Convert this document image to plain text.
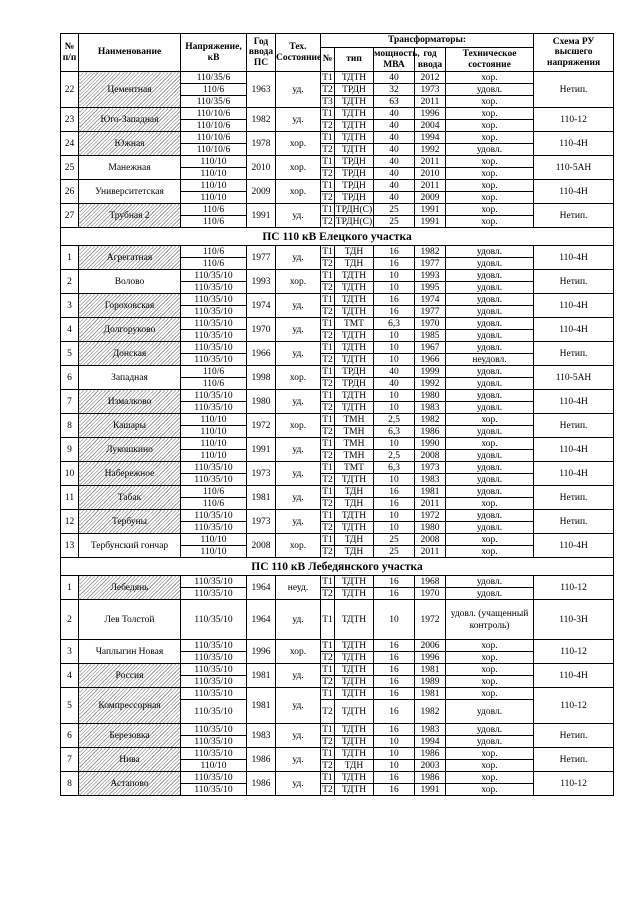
№ п/п	Наименование	Напряжение, кВ	Год ввода ПС	Тех. Состояние	Трансформаторы:					Схема РУ высшего напряжения
					№	тип	мощность, МВА	год ввода	Техническое состояние	
22	Цементная	110/35/6	1963	уд.	Т1	ТДТН	40	2012	хор.	Нетип.
		110/6			Т2	ТРДН	32	1973	удовл.	
		110/35/6			Т3	ТДТН	63	2011	хор.	
23	Юго-Западная	110/10/6	1982	уд.	Т1	ТДТН	40	1996	хор.	110-12
		110/10/6			Т2	ТДТН	40	2004	хор.	
24	Южная	110/10/6	1978	хор.	Т1	ТДТН	40	1994	хор.	110-4Н
		110/10/6			Т2	ТДТН	40	1992	удовл.	
25	Манежная	110/10	2010	хор.	Т1	ТРДН	40	2011	хор.	110-5АН
		110/10			Т2	ТРДН	40	2010	хор.	
26	Университетская	110/10	2009	хор.	Т1	ТРДН	40	2011	хор.	110-4Н
		110/10			Т2	ТРДН	40	2009	хор.	
27	Трубная 2	110/6	1991	уд.	Т1	ТРДН(С)	25	1991	хор.	Нетип.
		110/6			Т2	ТРДН(С)	25	1991	хор.	
ПС 110 кВ Елецкого участка										
1	Агрегатная	110/6	1977	уд.	Т1	ТДН	16	1982	удовл.	110-4Н
		110/6			Т2	ТДН	16	1977	удовл.	
2	Волово	110/35/10	1993	хор.	Т1	ТДТН	10	1993	удовл.	Нетип.
		110/35/10			Т2	ТДТН	10	1995	удовл.	
3	Гороховская	110/35/10	1974	уд.	Т1	ТДТН	16	1974	удовл.	110-4Н
		110/35/10			Т2	ТДТН	16	1977	удовл.	
4	Долгоруково	110/35/10	1970	уд.	Т1	ТМТ	6,3	1970	удовл.	110-4Н
		110/35/10			Т2	ТДТН	10	1985	удовл.	
5	Донская	110/35/10	1966	уд.	Т1	ТДТН	10	1967	удовл.	Нетип.
		110/35/10			Т2	ТДТН	10	1966	неудовл.	
6	Западная	110/6	1998	хор.	Т1	ТРДН	40	1999	удовл.	110-5АН
		110/6			Т2	ТРДН	40	1992	удовл.	
7	Измалково	110/35/10	1980	уд.	Т1	ТДТН	10	1980	удовл.	110-4Н
		110/35/10			Т2	ТДТН	10	1983	удовл.	
8	Кашары	110/10	1972	хор.	Т1	ТМН	2,5	1982	хор.	Нетип.
		110/10			Т2	ТМН	6,3	1986	удовл.	
9	Лукошкино	110/10	1991	уд.	Т1	ТМН	10	1990	хор.	110-4Н
		110/10			Т2	ТМН	2,5	2008	удовл.	
10	Набережное	110/35/10	1973	уд.	Т1	ТМТ	6,3	1973	удовл.	110-4Н
		110/35/10			Т2	ТДТН	10	1983	удовл.	
11	Табак	110/6	1981	уд.	Т1	ТДН	16	1981	удовл.	Нетип.
		110/6			Т2	ТДН	16	2011	хор.	
12	Тербуны	110/35/10	1973	уд.	Т1	ТДТН	10	1972	удовл.	Нетип.
		110/35/10			Т2	ТДТН	10	1980	удовл.	
13	Тербунский гончар	110/10	2008	хор.	Т1	ТДН	25	2008	хор.	110-4Н
		110/10			Т2	ТДН	25	2011	хор.	
ПС 110 кВ Лебедянского участка										
1	Лебедянь	110/35/10	1964	неуд.	Т1	ТДТН	16	1968	удовл.	110-12
		110/35/10			Т2	ТДТН	16	1970	удовл.	
2	Лев Толстой	110/35/10	1964	уд.	Т1	ТДТН	10	1972	удовл. (учащенный контроль)	110-3Н
3	Чаплыгин Новая	110/35/10	1996	хор.	Т1	ТДТН	16	2006	хор.	110-12
		110/35/10			Т2	ТДТН	16	1996	хор.	
4	Россия	110/35/10	1981	уд.	Т1	ТДТН	16	1981	хор.	110-4Н
		110/35/10			Т2	ТДТН	16	1989	хор.	
5	Компрессорная	110/35/10	1981	уд.	Т1	ТДТН	16	1981	хор.	110-12
		110/35/10			Т2	ТДТН	16	1982	удовл.	
6	Березовка	110/35/10	1983	уд.	Т1	ТДТН	16	1983	удовл.	Нетип.
		110/35/10			Т2	ТДТН	10	1994	удовл.	
7	Нива	110/35/10	1986	уд.	Т1	ТДТН	10	1986	хор.	Нетип.
		110/10			Т2	ТДН	10	2003	хор.	
8	Астапово	110/35/10	1986	уд.	Т1	ТДТН	16	1986	хор.	110-12
		110/35/10			Т2	ТДТН	16	1991	хор.	
